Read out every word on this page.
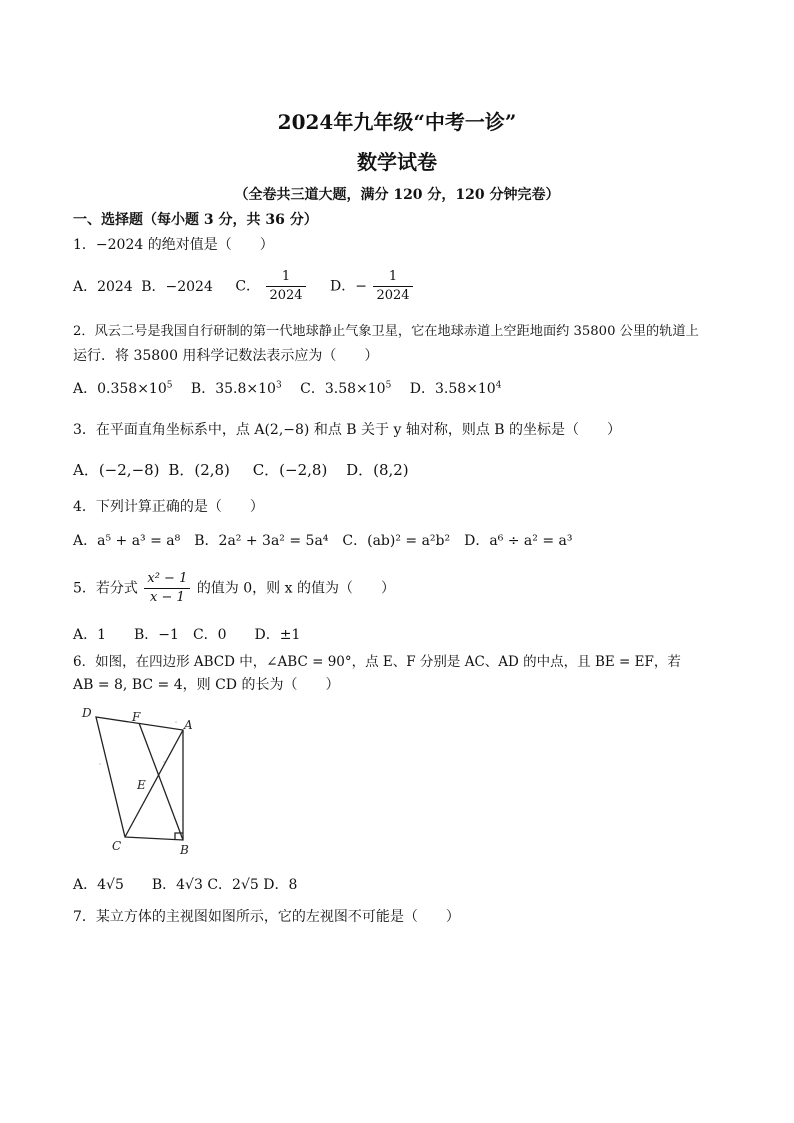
2024年九年级“中考一诊”
数学试卷
（全卷共三道大题，满分 120 分，120 分钟完卷）
一、选择题（每小题 3 分，共 36 分）
1．−2024 的绝对值是（　　）
A．2024 B．−2024 C． $\frac{1}{2024}$ D．− $\frac{1}{2024}$
2．风云二号是我国自行研制的第一代地球静止气象卫星，它在地球赤道上空距地面约 35800 公里的轨道上
运行．将 35800 用科学记数法表示应为（　　）
A．$0.358\times 10^5$ B．$35.8\times 10^3$ C．$3.58\times 10^5$ D．$3.58\times 10^4$
3．在平面直角坐标系中，点 A(2,−8) 和点 B 关于 y 轴对称，则点 B 的坐标是（　　）
A．(−2,−8) B．(2,8) C．(−2,8) D．(8,2)
4．下列计算正确的是（　　）
A．a⁵ + a³ = a⁸　B．2a² + 3a² = 5a⁴　C．(ab)² = a²b²　D．a⁶ ÷ a² = a³
5．若分式 $\frac{\text{x² − 1}}{x - 1}$ 的值为 0，则 x 的值为（　　）
A．1　　B．−1　C．0　　D．±1
6．如图，在四边形 ABCD 中，∠ABC = 90°，点 E、F 分别是 AC、AD 的中点，且 BE = EF，若
AB = 8, BC = 4，则 CD 的长为（　　）
D	F
A
E
C	B
A．4√5　　B．4√3 C．2√5 D．8
7．某立方体的主视图如图所示，它的左视图不可能是（　　）
